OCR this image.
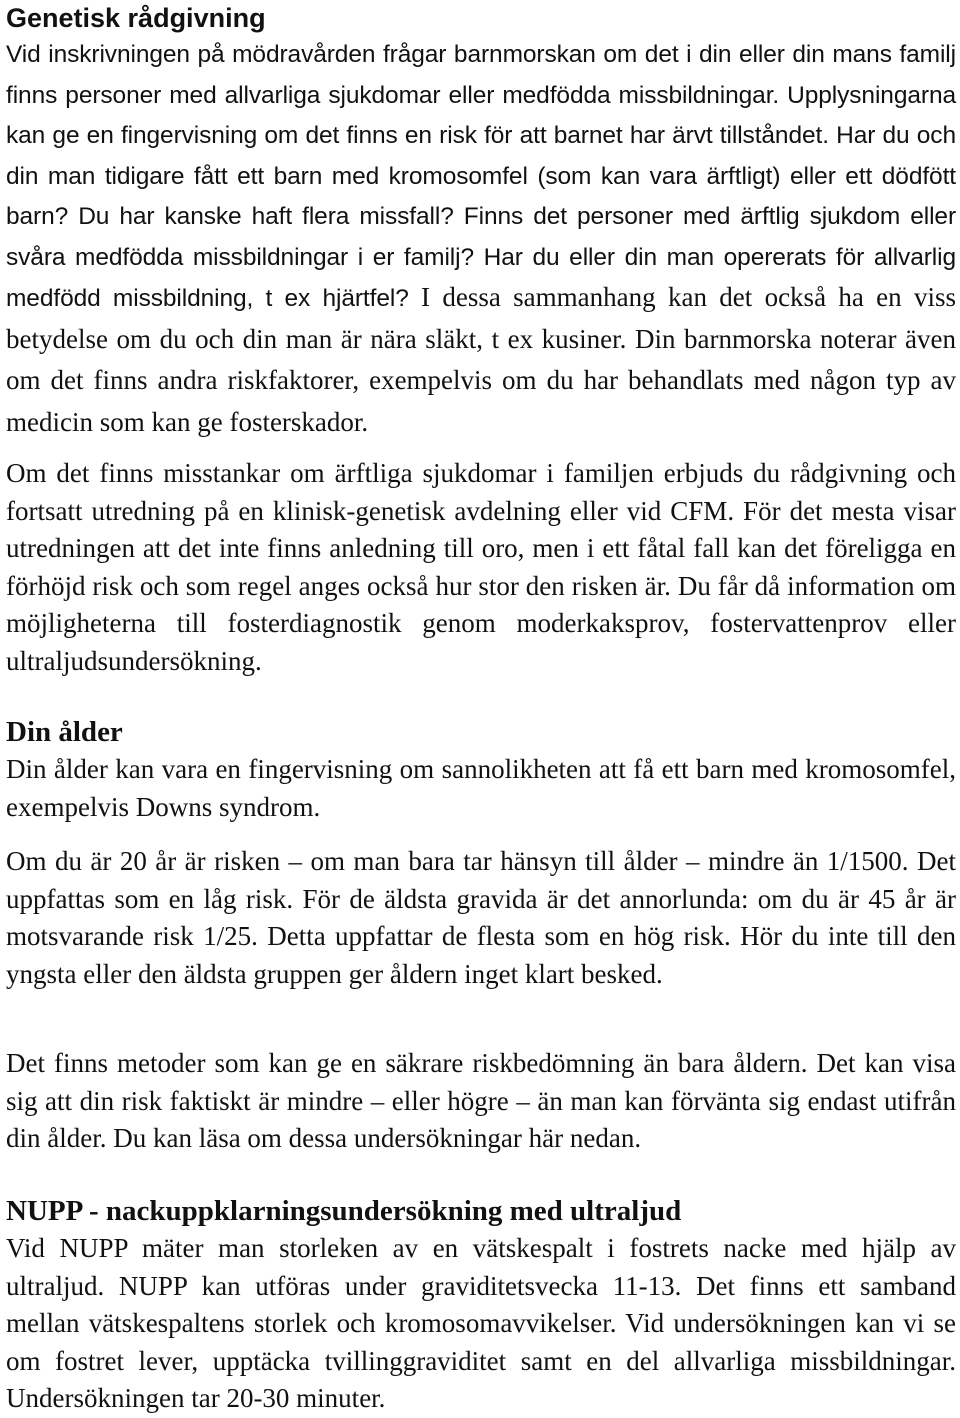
Genetisk rådgivning

Vid inskrivningen på mödravården frågar barnmorskan om det i din eller din mans familj finns personer med allvarliga sjukdomar eller medfödda missbildningar. Upplysningarna kan ge en fingervisning om det finns en risk för att barnet har ärvt tillståndet. Har du och din man tidigare fått ett barn med kromosomfel (som kan vara ärftligt) eller ett dödfött barn? Du har kanske haft flera missfall? Finns det personer med ärftlig sjukdom eller svåra medfödda missbildningar i er familj? Har du eller din man opererats för allvarlig medfödd missbildning, t ex hjärtfel? I dessa sammanhang kan det också ha en viss betydelse om du och din man är nära släkt, t ex kusiner. Din barnmorska noterar även om det finns andra riskfaktorer, exempelvis om du har behandlats med någon typ av medicin som kan ge fosterskador.

Om det finns misstankar om ärftliga sjukdomar i familjen erbjuds du rådgivning och fortsatt utredning på en klinisk-genetisk avdelning eller vid CFM. För det mesta visar utredningen att det inte finns anledning till oro, men i ett fåtal fall kan det föreligga en förhöjd risk och som regel anges också hur stor den risken är. Du får då information om möjligheterna till fosterdiagnostik genom moderkaksprov, fostervattenprov eller ultraljudsundersökning.

Din ålder

Din ålder kan vara en fingervisning om sannolikheten att få ett barn med kromosomfel, exempelvis Downs syndrom.

Om du är 20 år är risken – om man bara tar hänsyn till ålder – mindre än 1/1500. Det uppfattas som en låg risk. För de äldsta gravida är det annorlunda: om du är 45 år är motsvarande risk 1/25. Detta uppfattar de flesta som en hög risk. Hör du inte till den yngsta eller den äldsta gruppen ger åldern inget klart besked.

Det finns metoder som kan ge en säkrare riskbedömning än bara åldern. Det kan visa sig att din risk faktiskt är mindre – eller högre – än man kan förvänta sig endast utifrån din ålder. Du kan läsa om dessa undersökningar här nedan.

NUPP - nackuppklarningsundersökning med ultraljud

Vid NUPP mäter man storleken av en vätskespalt i fostrets nacke med hjälp av ultraljud. NUPP kan utföras under graviditetsvecka 11-13. Det finns ett samband mellan vätskespaltens storlek och kromosomavvikelser. Vid undersökningen kan vi se om fostret lever, upptäcka tvillinggraviditet samt en del allvarliga missbildningar. Undersökningen tar 20-30 minuter.
